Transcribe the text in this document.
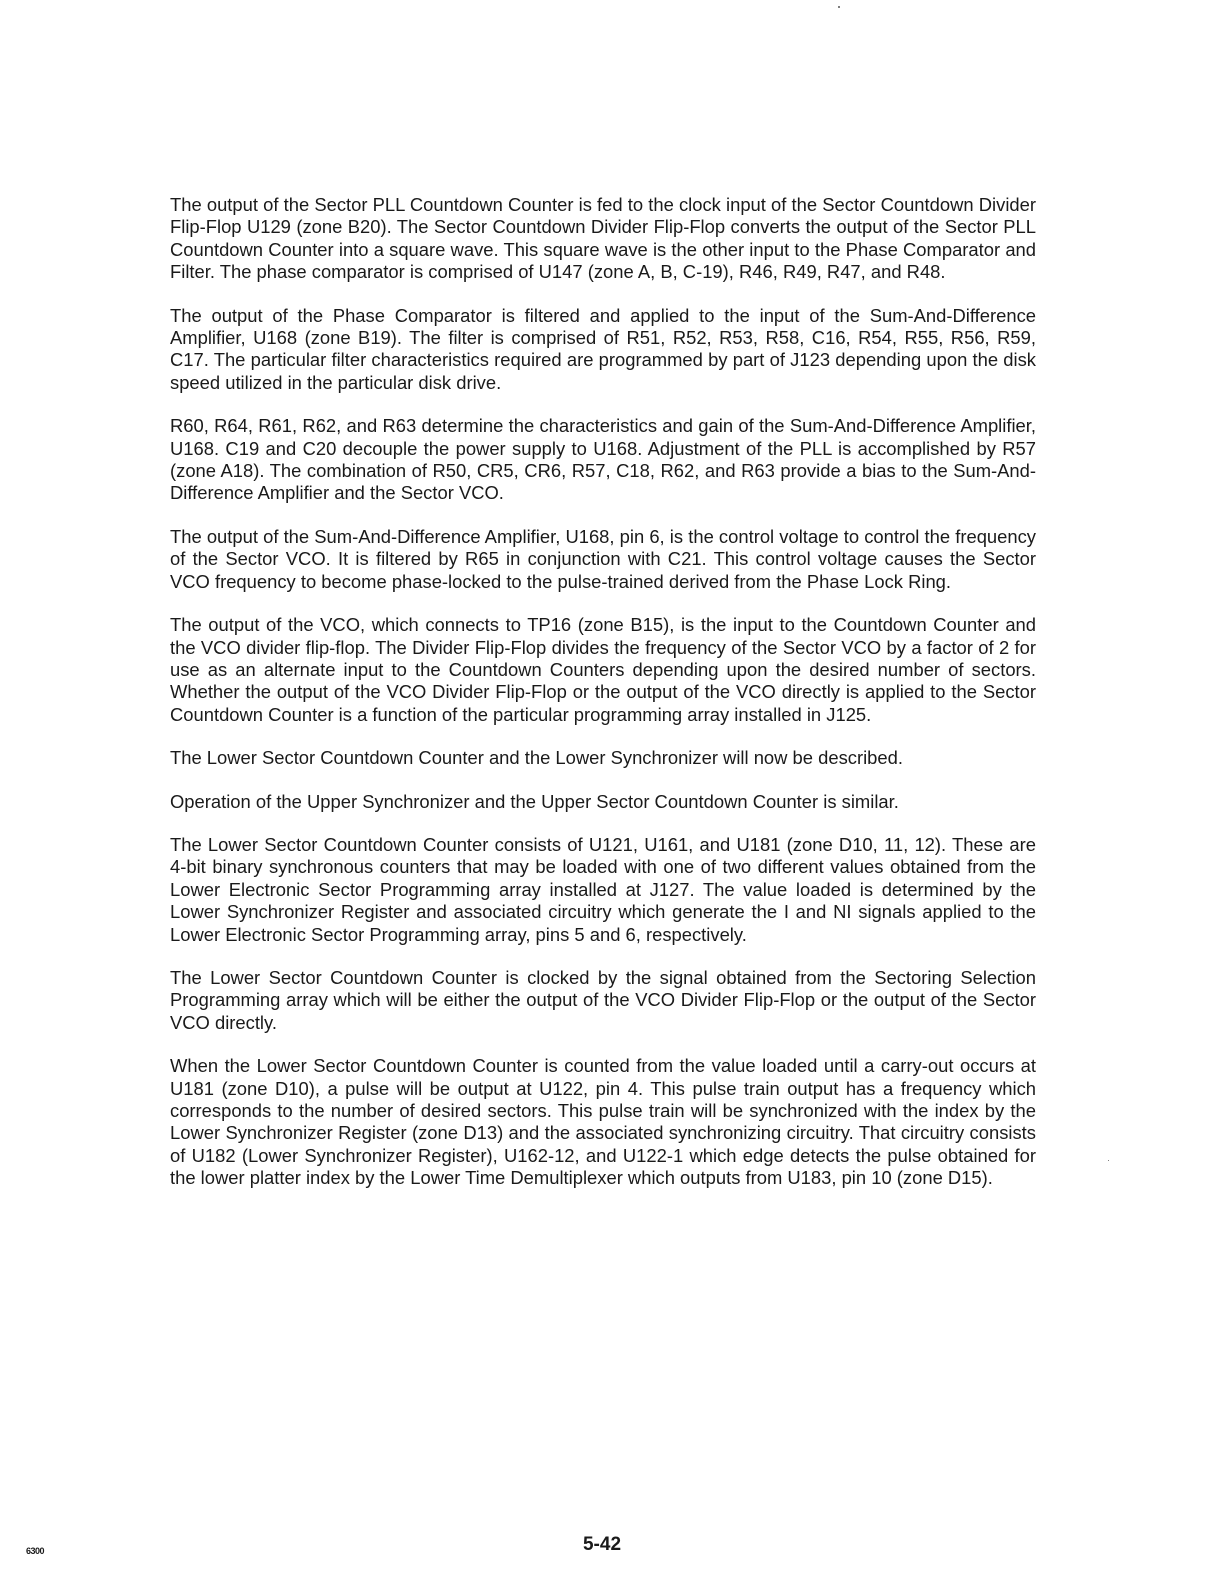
The output of the Sector PLL Countdown Counter is fed to the clock input of the Sector Countdown Divider Flip-Flop U129 (zone B20). The Sector Countdown Divider Flip-Flop converts the output of the Sector PLL Countdown Counter into a square wave. This square wave is the other input to the Phase Comparator and Filter. The phase comparator is comprised of U147 (zone A, B, C-19), R46, R49, R47, and R48.

The output of the Phase Comparator is filtered and applied to the input of the Sum-And-Difference Amplifier, U168 (zone B19). The filter is comprised of R51, R52, R53, R58, C16, R54, R55, R56, R59, C17. The particular filter characteristics required are programmed by part of J123 depending upon the disk speed utilized in the particular disk drive.

R60, R64, R61, R62, and R63 determine the characteristics and gain of the Sum-And-Difference Amplifier, U168. C19 and C20 decouple the power supply to U168. Adjustment of the PLL is accomplished by R57 (zone A18). The combination of R50, CR5, CR6, R57, C18, R62, and R63 provide a bias to the Sum-And-Difference Amplifier and the Sector VCO.

The output of the Sum-And-Difference Amplifier, U168, pin 6, is the control voltage to control the frequency of the Sector VCO. It is filtered by R65 in conjunction with C21. This control voltage causes the Sector VCO frequency to become phase-locked to the pulse-trained derived from the Phase Lock Ring.

The output of the VCO, which connects to TP16 (zone B15), is the input to the Countdown Counter and the VCO divider flip-flop. The Divider Flip-Flop divides the frequency of the Sector VCO by a factor of 2 for use as an alternate input to the Countdown Counters depending upon the desired number of sectors. Whether the output of the VCO Divider Flip-Flop or the output of the VCO directly is applied to the Sector Countdown Counter is a function of the particular programming array installed in J125.

The Lower Sector Countdown Counter and the Lower Synchronizer will now be described.

Operation of the Upper Synchronizer and the Upper Sector Countdown Counter is similar.

The Lower Sector Countdown Counter consists of U121, U161, and U181 (zone D10, 11, 12). These are 4-bit binary synchronous counters that may be loaded with one of two different values obtained from the Lower Electronic Sector Programming array installed at J127. The value loaded is determined by the Lower Synchronizer Register and associated circuitry which generate the I and NI signals applied to the Lower Electronic Sector Programming array, pins 5 and 6, respectively.

The Lower Sector Countdown Counter is clocked by the signal obtained from the Sectoring Selection Programming array which will be either the output of the VCO Divider Flip-Flop or the output of the Sector VCO directly.

When the Lower Sector Countdown Counter is counted from the value loaded until a carry-out occurs at U181 (zone D10), a pulse will be output at U122, pin 4. This pulse train output has a frequency which corresponds to the number of desired sectors. This pulse train will be synchronized with the index by the Lower Synchronizer Register (zone D13) and the associated synchronizing circuitry. That circuitry consists of U182 (Lower Synchronizer Register), U162-12, and U122-1 which edge detects the pulse obtained for the lower platter index by the Lower Time Demultiplexer which outputs from U183, pin 10 (zone D15).

5-42
6300
